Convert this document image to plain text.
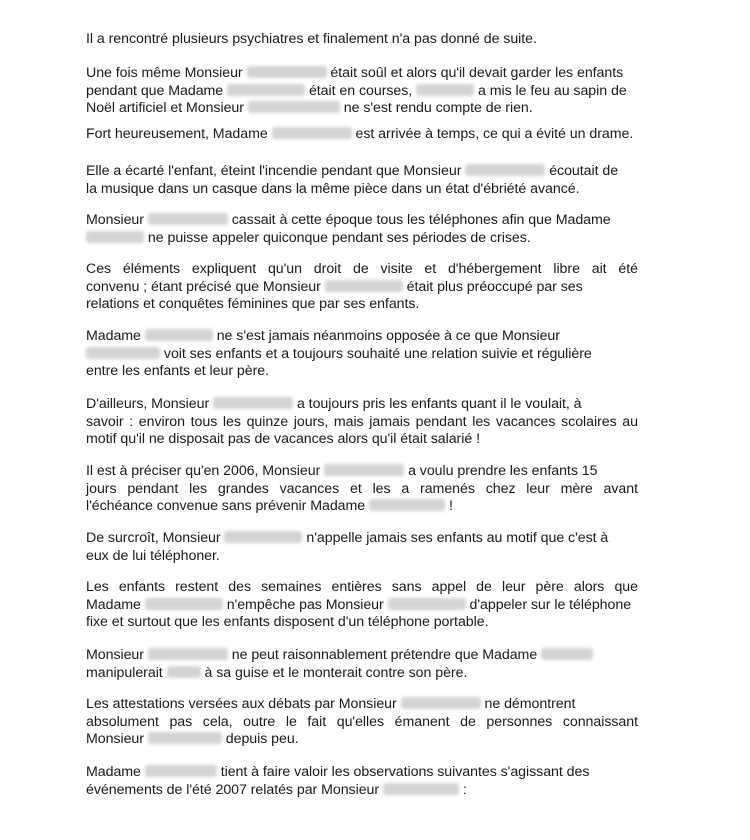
Il a rencontré plusieurs psychiatres et finalement n'a pas donné de suite.
Une fois même Monsieur	était soûl et alors qu'il devait garder les enfants
pendant que Madame	était en courses,	a mis le feu au sapin de
Noël artificiel et Monsieur	ne s'est rendu compte de rien.
Fort heureusement, Madame	est arrivée à temps, ce qui a évité un drame.
Elle a écarté l'enfant, éteint l'incendie pendant que Monsieur	écoutait de
la musique dans un casque dans la même pièce dans un état d'ébriété avancé.
Monsieur	cassait à cette époque tous les téléphones afin que Madame
ne puisse appeler quiconque pendant ses périodes de crises.
Ces éléments expliquent qu'un droit de visite et d'hébergement libre ait été
convenu ; étant précisé que Monsieur	était plus préoccupé par ses
relations et conquêtes féminines que par ses enfants.
Madame	ne s'est jamais néanmoins opposée à ce que Monsieur
voit ses enfants et a toujours souhaité une relation suivie et régulière
entre les enfants et leur père.
D'ailleurs, Monsieur	a toujours pris les enfants quant il le voulait, à
savoir : environ tous les quinze jours, mais jamais pendant les vacances scolaires au
motif qu'il ne disposait pas de vacances alors qu'il était salarié !
Il est à préciser qu'en 2006, Monsieur	a voulu prendre les enfants 15
jours pendant les grandes vacances et les a ramenés chez leur mère avant
l'échéance convenue sans prévenir Madame	!
De surcroît, Monsieur	n'appelle jamais ses enfants au motif que c'est à
eux de lui téléphoner.
Les enfants restent des semaines entières sans appel de leur père alors que
Madame	n'empêche pas Monsieur	d'appeler sur le téléphone
fixe et surtout que les enfants disposent d'un téléphone portable.
Monsieur	ne peut raisonnablement prétendre que Madame
manipulerait	à sa guise et le monterait contre son père.
Les attestations versées aux débats par Monsieur	ne démontrent
absolument pas cela, outre le fait qu'elles émanent de personnes connaissant
Monsieur	depuis peu.
Madame	tient à faire valoir les observations suivantes s'agissant des
événements de l'été 2007 relatés par Monsieur	:
